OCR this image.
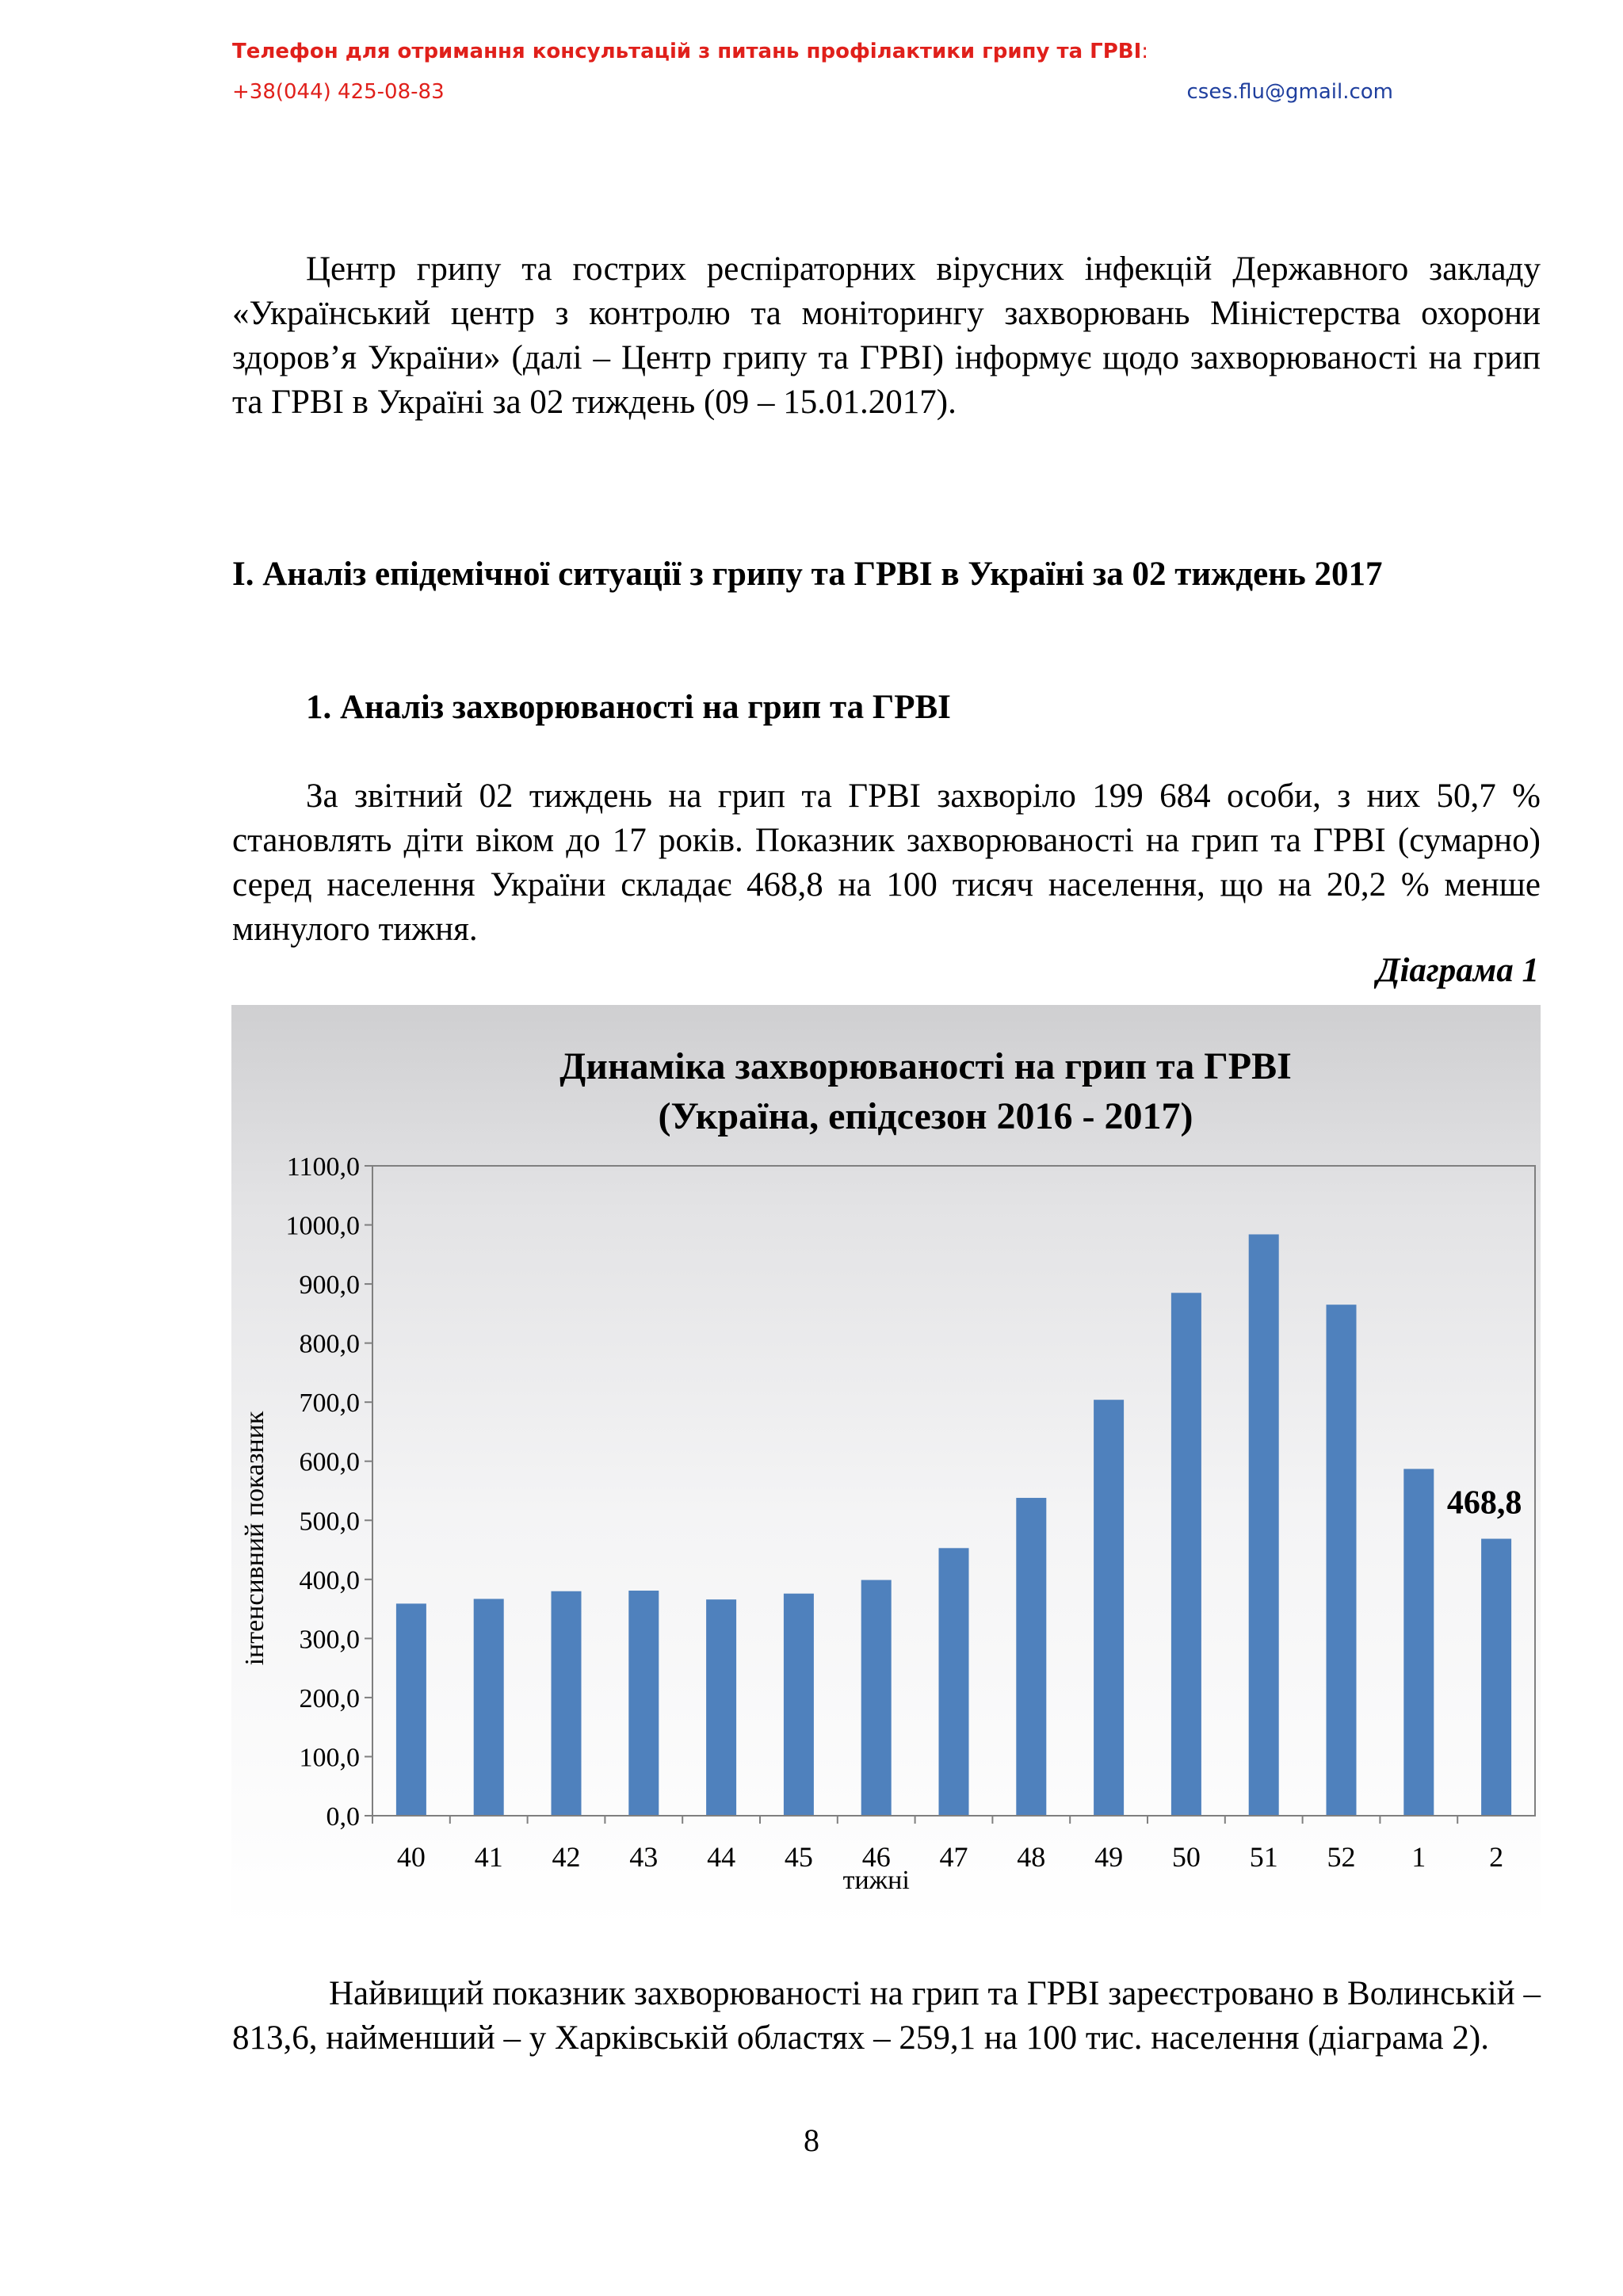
Телефон для отримання консультацій з питань профілактики грипу та ГРВІ:
+38(044) 425-08-83	cses.flu@gmail.com
Центр грипу та гострих респіраторних вірусних інфекцій Державного закладу «Український центр з контролю та моніторингу захворювань Міністерства охорони здоров’я України» (далі – Центр грипу та ГРВІ) інформує щодо захворюваності на грип та ГРВІ в Україні за 02 тиждень (09 – 15.01.2017).
І. Аналіз епідемічної ситуації з грипу та ГРВІ в Україні за 02 тиждень 2017
1. Аналіз захворюваності на грип та ГРВІ
За звітний 02 тиждень на грип та ГРВІ захворіло 199 684 особи, з них 50,7 % становлять діти віком до 17 років. Показник захворюваності на грип та ГРВІ (сумарно) серед населення України складає 468,8 на 100 тисяч населення, що на 20,2 % менше минулого тижня.
Діаграма 1
Динаміка захворюваності на грип та ГРВІ
(Україна, епідсезон 2016 - 2017)
0,0
100,0
200,0
300,0
400,0
500,0
600,0
700,0
800,0
900,0
1000,0
1100,0
40 41 42 43 44 45 46 47 48 49 50 51 52 1 2
інтенсивний показник
тижні
468,8
Найвищий показник захворюваності на грип та ГРВІ зареєстровано в Волинській – 813,6, найменший – у Харківській областях – 259,1 на 100 тис. населення (діаграма 2).
8
